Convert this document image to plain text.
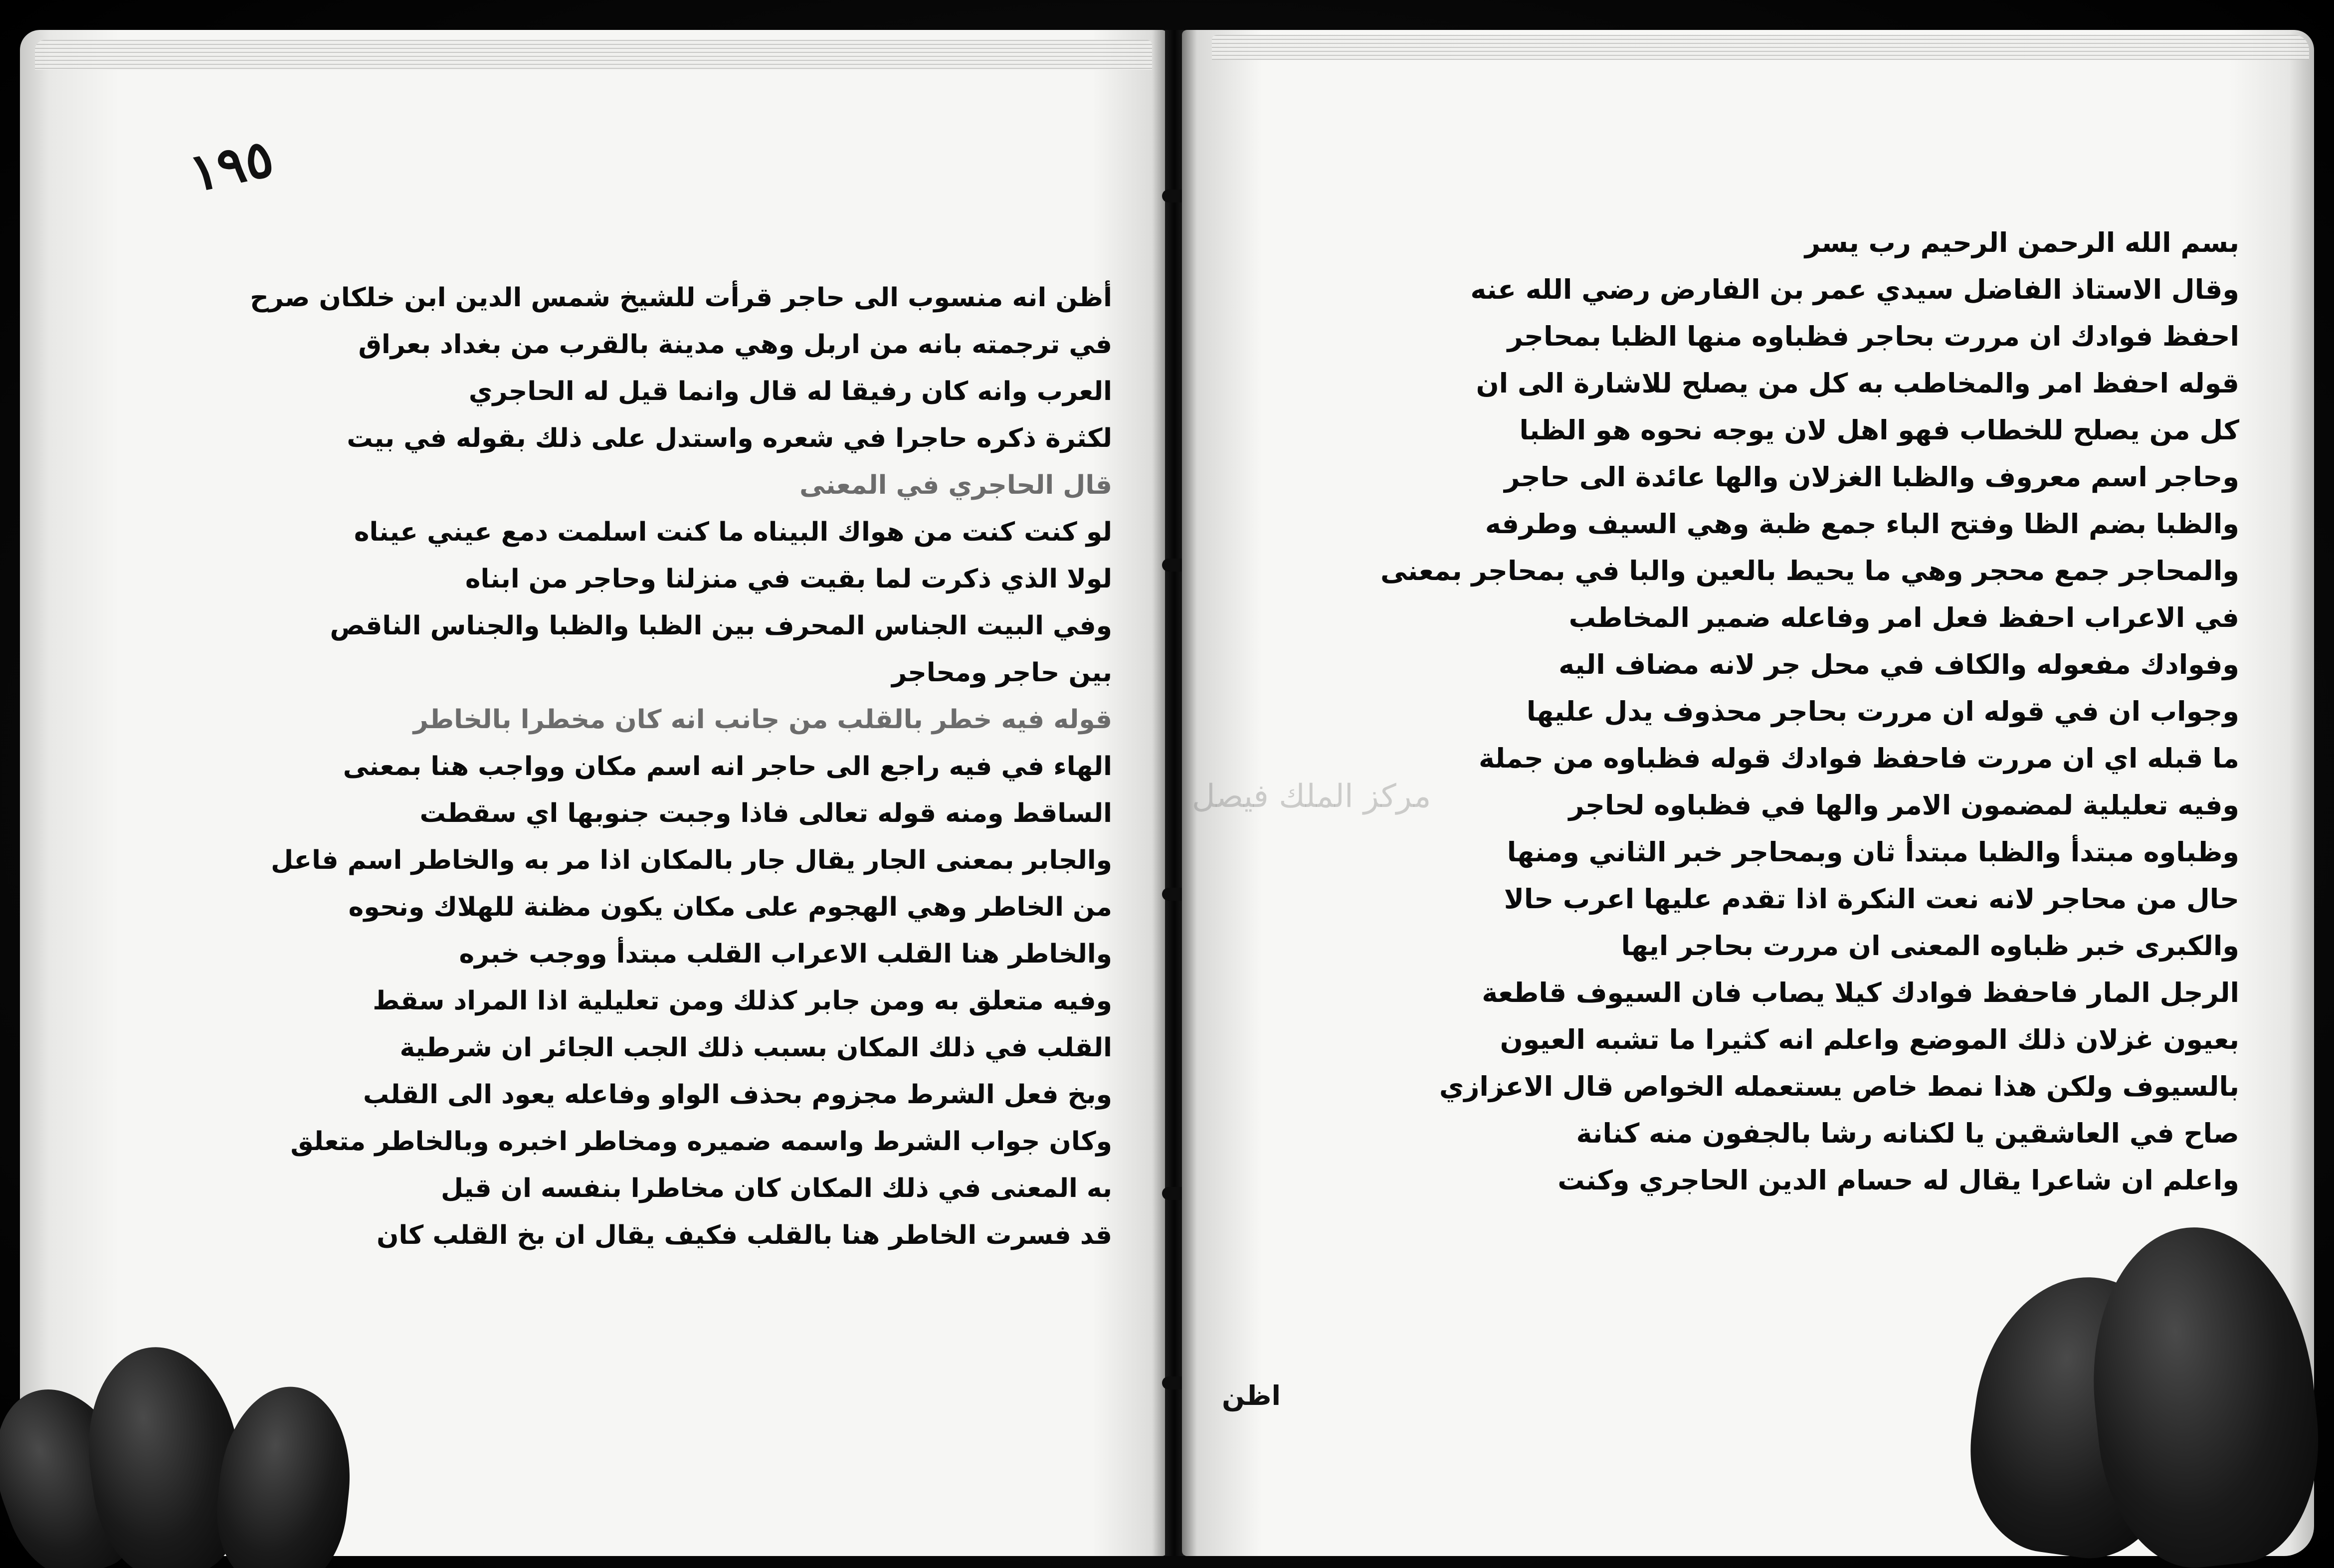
١٩٥
أظن انه منسوب الى حاجر قرأت للشيخ شمس الدين ابن خلكان صرح
في ترجمته بانه من اربل وهي مدينة بالقرب من بغداد بعراق
العرب وانه كان رفيقا له قال وانما قيل له الحاجري
لكثرة ذكره حاجرا في شعره واستدل على ذلك بقوله في بيت
قال الحاجري في المعنى
لو كنت كنت من هواك البيناه ما كنت اسلمت دمع عيني عيناه
لولا الذي ذكرت لما بقيت في منزلنا وحاجر من ابناه
وفي البيت الجناس المحرف بين الظبا والظبا والجناس الناقص
بين حاجر ومحاجر
قوله فيه خطر بالقلب من جانب انه كان مخطرا بالخاطر
الهاء في فيه راجع الى حاجر انه اسم مكان وواجب هنا بمعنى
الساقط ومنه قوله تعالى فاذا وجبت جنوبها اي سقطت
والجابر بمعنى الجار يقال جار بالمكان اذا مر به والخاطر اسم فاعل
من الخاطر وهي الهجوم على مكان يكون مظنة للهلاك ونحوه
والخاطر هنا القلب الاعراب القلب مبتدأ ووجب خبره
وفيه متعلق به ومن جابر كذلك ومن تعليلية اذا المراد سقط
القلب في ذلك المكان بسبب ذلك الجب الجائر ان شرطية
وبخ فعل الشرط مجزوم بحذف الواو وفاعله يعود الى القلب
وكان جواب الشرط واسمه ضميره ومخاطر اخبره وبالخاطر متعلق
به المعنى في ذلك المكان كان مخاطرا بنفسه ان قيل
قد فسرت الخاطر هنا بالقلب فكيف يقال ان بخ القلب كان
بسم الله الرحمن الرحيم رب يسر
وقال الاستاذ الفاضل سيدي عمر بن الفارض رضي الله عنه
احفظ فوادك ان مررت بحاجر فظباوه منها الظبا بمحاجر
قوله احفظ امر والمخاطب به كل من يصلح للاشارة الى ان
كل من يصلح للخطاب فهو اهل لان يوجه نحوه هو الظبا
وحاجر اسم معروف والظبا الغزلان والها عائدة الى حاجر
والظبا بضم الظا وفتح الباء جمع ظبة وهي السيف وطرفه
والمحاجر جمع محجر وهي ما يحيط بالعين والبا في بمحاجر بمعنى
في الاعراب احفظ فعل امر وفاعله ضمير المخاطب
وفوادك مفعوله والكاف في محل جر لانه مضاف اليه
وجواب ان في قوله ان مررت بحاجر محذوف يدل عليها
ما قبله اي ان مررت فاحفظ فوادك قوله فظباوه من جملة
وفيه تعليلية لمضمون الامر والها في فظباوه لحاجر
وظباوه مبتدأ والظبا مبتدأ ثان وبمحاجر خبر الثاني ومنها
حال من محاجر لانه نعت النكرة اذا تقدم عليها اعرب حالا
والكبرى خبر ظباوه المعنى ان مررت بحاجر ايها
الرجل المار فاحفظ فوادك كيلا يصاب فان السيوف قاطعة
بعيون غزلان ذلك الموضع واعلم انه كثيرا ما تشبه العيون
بالسيوف ولكن هذا نمط خاص يستعمله الخواص قال الاعزازي
صاح في العاشقين يا لكنانه رشا بالجفون منه كنانة
واعلم ان شاعرا يقال له حسام الدين الحاجري وكنت
اظن
مركز الملك فيصل
